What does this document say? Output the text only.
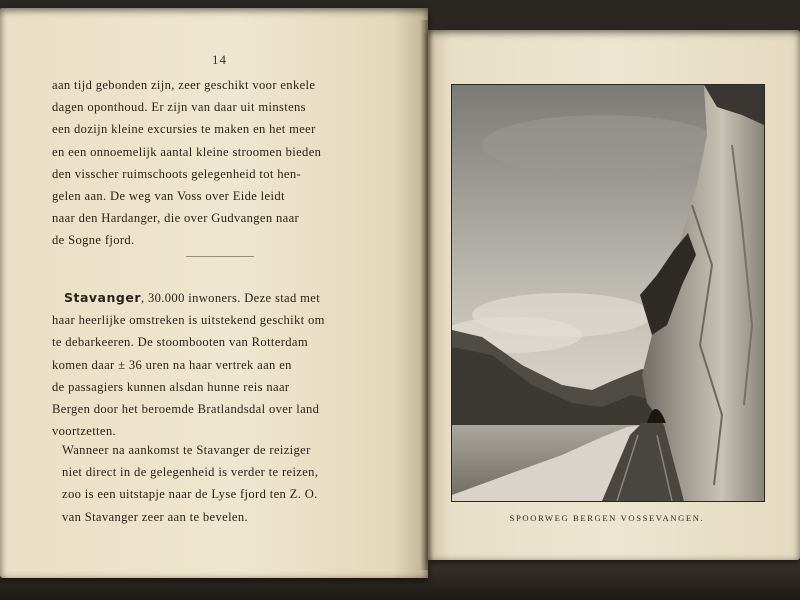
14
aan tijd gebonden zijn, zeer geschikt voor enkele
dagen oponthoud. Er zijn van daar uit minstens
een dozijn kleine excursies te maken en het meer
en een onnoemelijk aantal kleine stroomen bieden
den visscher ruimschoots gelegenheid tot hen-
gelen aan. De weg van Voss over Eide leidt
naar den Hardanger, die over Gudvangen naar
de Sogne fjord.
Stavanger, 30.000 inwoners. Deze stad met
haar heerlijke omstreken is uitstekend geschikt om
te debarkeeren. De stoombooten van Rotterdam
komen daar ± 36 uren na haar vertrek aan en
de passagiers kunnen alsdan hunne reis naar
Bergen door het beroemde Bratlandsdal over land
voortzetten.
Wanneer na aankomst te Stavanger de reiziger
niet direct in de gelegenheid is verder te reizen,
zoo is een uitstapje naar de Lyse fjord ten Z. O.
van Stavanger zeer aan te bevelen.	SPOORWEG BERGEN VOSSEVANGEN.
